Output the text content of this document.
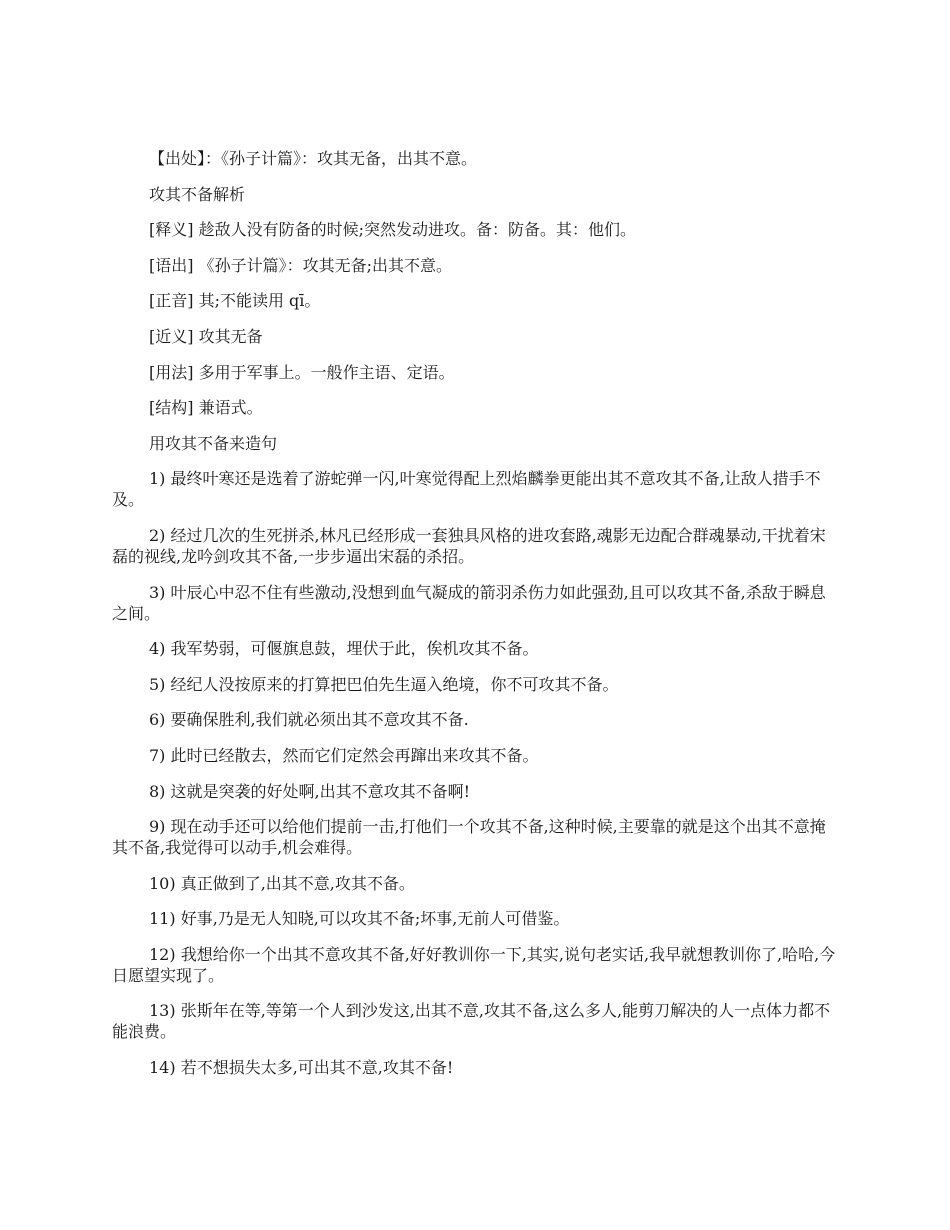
【出处】：《孙子计篇》：攻其无备，出其不意。

攻其不备解析

[释义] 趁敌人没有防备的时候;突然发动进攻。备：防备。其：他们。

[语出] 《孙子计篇》：攻其无备;出其不意。

[正音] 其;不能读用 qī。

[近义] 攻其无备

[用法] 多用于军事上。一般作主语、定语。

[结构] 兼语式。

用攻其不备来造句

1) 最终叶寒还是选着了游蛇弹一闪,叶寒觉得配上烈焰麟拳更能出其不意攻其不备,让敌人措手不及。

2) 经过几次的生死拼杀,林凡已经形成一套独具风格的进攻套路,魂影无边配合群魂暴动,干扰着宋磊的视线,龙吟剑攻其不备,一步步逼出宋磊的杀招。

3) 叶辰心中忍不住有些激动,没想到血气凝成的箭羽杀伤力如此强劲,且可以攻其不备,杀敌于瞬息之间。

4) 我军势弱，可偃旗息鼓，埋伏于此，俟机攻其不备。

5) 经纪人没按原来的打算把巴伯先生逼入绝境，你不可攻其不备。

6) 要确保胜利,我们就必须出其不意攻其不备.

7) 此时已经散去，然而它们定然会再蹿出来攻其不备。

8) 这就是突袭的好处啊,出其不意攻其不备啊!

9) 现在动手还可以给他们提前一击,打他们一个攻其不备,这种时候,主要靠的就是这个出其不意掩其不备,我觉得可以动手,机会难得。

10) 真正做到了,出其不意,攻其不备。

11) 好事,乃是无人知晓,可以攻其不备;坏事,无前人可借鉴。

12) 我想给你一个出其不意攻其不备,好好教训你一下,其实,说句老实话,我早就想教训你了,哈哈,今日愿望实现了。

13) 张斯年在等,等第一个人到沙发这,出其不意,攻其不备,这么多人,能剪刀解决的人一点体力都不能浪费。

14) 若不想损失太多,可出其不意,攻其不备!
